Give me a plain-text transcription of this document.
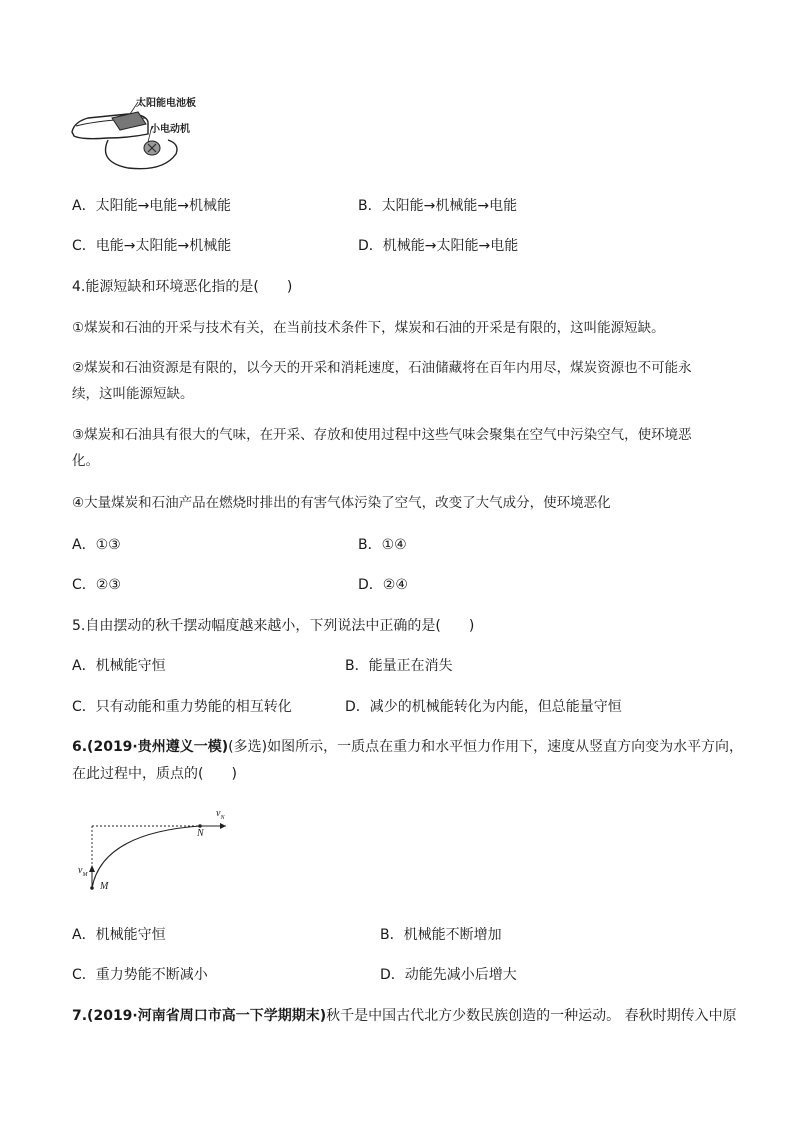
太阳能电池板
小电动机
A．太阳能→电能→机械能	B．太阳能→机械能→电能
C．电能→太阳能→机械能	D．机械能→太阳能→电能
4.能源短缺和环境恶化指的是(　　)
①煤炭和石油的开采与技术有关，在当前技术条件下，煤炭和石油的开采是有限的，这叫能源短缺。
②煤炭和石油资源是有限的，以今天的开采和消耗速度，石油储藏将在百年内用尽，煤炭资源也不可能永
续，这叫能源短缺。
③煤炭和石油具有很大的气味，在开采、存放和使用过程中这些气味会聚集在空气中污染空气，使环境恶
化。
④大量煤炭和石油产品在燃烧时排出的有害气体污染了空气，改变了大气成分，使环境恶化
A．①③	B．①④
C．②③	D．②④
5.自由摆动的秋千摆动幅度越来越小，下列说法中正确的是(　　)
A．机械能守恒	B．能量正在消失
C．只有动能和重力势能的相互转化	D．减少的机械能转化为内能，但总能量守恒
6.(2019·贵州遵义一模)(多选)如图所示，一质点在重力和水平恒力作用下，速度从竖直方向变为水平方向，
在此过程中，质点的(　　)
$v_N$
N
$v_M$
M
A．机械能守恒	B．机械能不断增加
C．重力势能不断减小	D．动能先减小后增大
7.(2019·河南省周口市高一下学期期末)秋千是中国古代北方少数民族创造的一种运动。 春秋时期传入中原
